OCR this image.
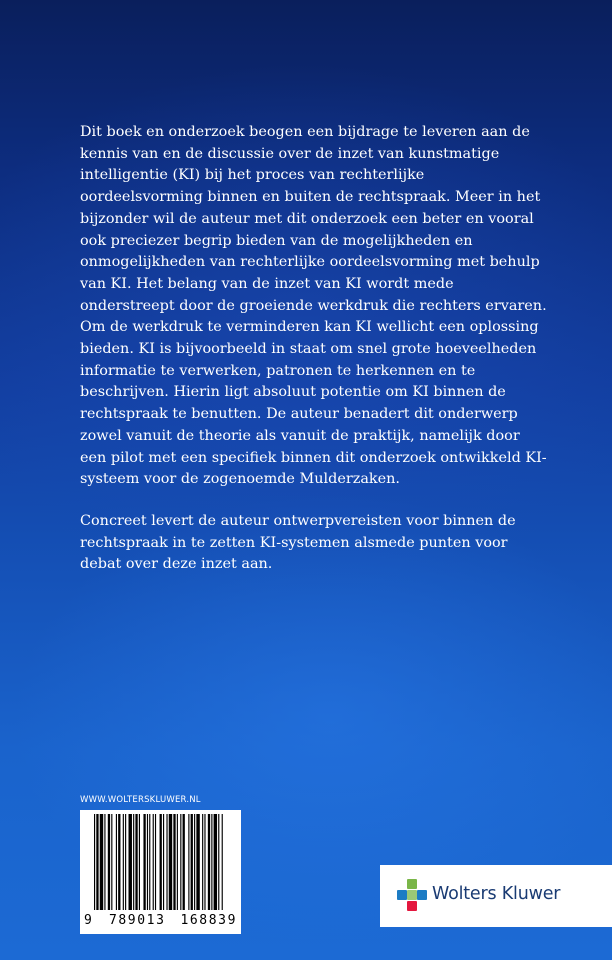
Dit boek en onderzoek beogen een bijdrage te leveren aan de kennis van en de discussie over de inzet van kunstmatige intelligentie (KI) bij het proces van rechterlijke oordeelsvorming binnen en buiten de rechtspraak. Meer in het bijzonder wil de auteur met dit onderzoek een beter en vooral ook preciezer begrip bieden van de mogelijkheden en onmogelijkheden van rechterlijke oordeelsvorming met behulp van KI. Het belang van de inzet van KI wordt mede onderstreept door de groeiende werkdruk die rechters ervaren. Om de werkdruk te verminderen kan KI wellicht een oplossing bieden. KI is bijvoorbeeld in staat om snel grote hoeveelheden informatie te verwerken, patronen te herkennen en te beschrijven. Hierin ligt absoluut potentie om KI binnen de rechtspraak te benutten. De auteur benadert dit onderwerp zowel vanuit de theorie als vanuit de praktijk, namelijk door een pilot met een specifiek binnen dit onderzoek ontwikkeld KI-systeem voor de zogenoemde Mulderzaken.

Concreet levert de auteur ontwerpvereisten voor binnen de rechtspraak in te zetten KI-systemen alsmede punten voor debat over deze inzet aan.

WWW.WOLTERSKLUWER.NL
9 789013 168839
Wolters Kluwer
